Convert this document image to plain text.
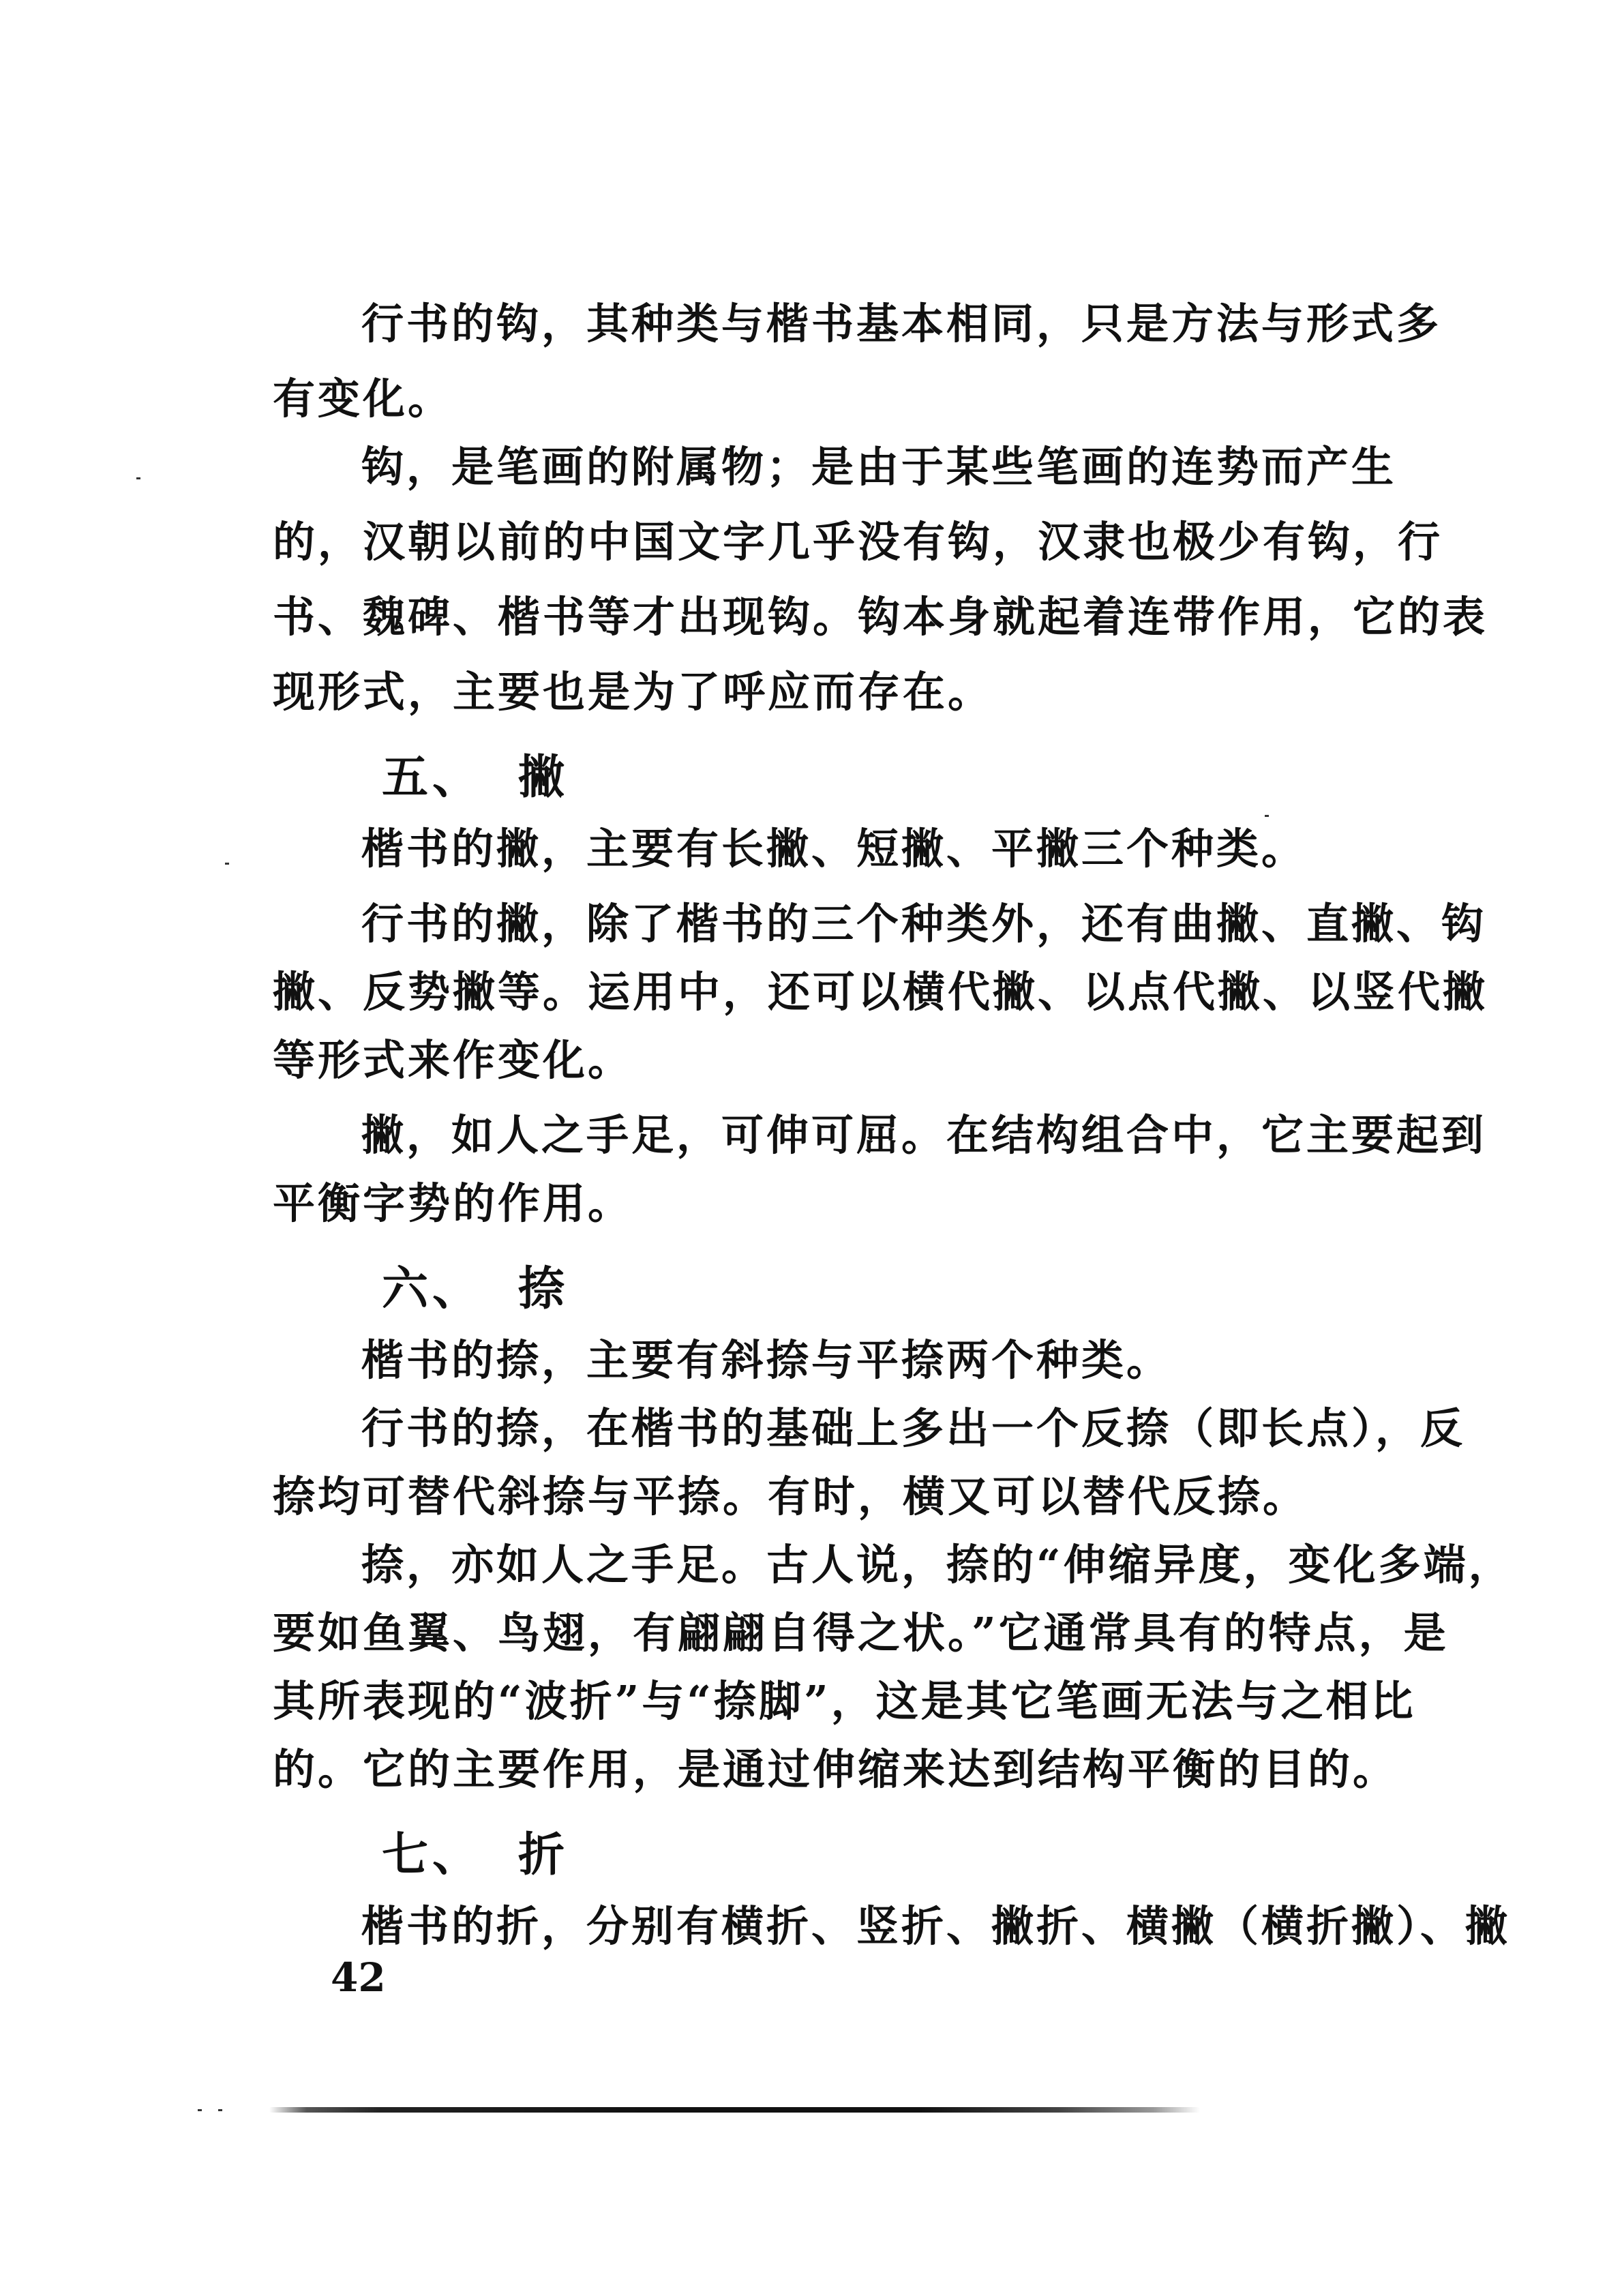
行书的钩，其种类与楷书基本相同，只是方法与形式多
有变化。
钩，是笔画的附属物；是由于某些笔画的连势而产生
的，汉朝以前的中国文字几乎没有钩，汉隶也极少有钩，行
书、魏碑、楷书等才出现钩。钩本身就起着连带作用，它的表
现形式，主要也是为了呼应而存在。
五、 撇
楷书的撇，主要有长撇、短撇、平撇三个种类。
行书的撇，除了楷书的三个种类外，还有曲撇、直撇、钩
撇、反势撇等。运用中，还可以横代撇、以点代撇、以竖代撇
等形式来作变化。
撇，如人之手足，可伸可屈。在结构组合中，它主要起到
平衡字势的作用。
六、 捺
楷书的捺，主要有斜捺与平捺两个种类。
行书的捺，在楷书的基础上多出一个反捺（即长点），反
捺均可替代斜捺与平捺。有时，横又可以替代反捺。
捺，亦如人之手足。古人说，捺的“伸缩异度，变化多端，
要如鱼翼、鸟翅，有翩翩自得之状。”它通常具有的特点，是
其所表现的“波折”与“捺脚”，这是其它笔画无法与之相比
的。它的主要作用，是通过伸缩来达到结构平衡的目的。
七、 折
楷书的折，分别有横折、竖折、撇折、横撇（横折撇）、撇
42
